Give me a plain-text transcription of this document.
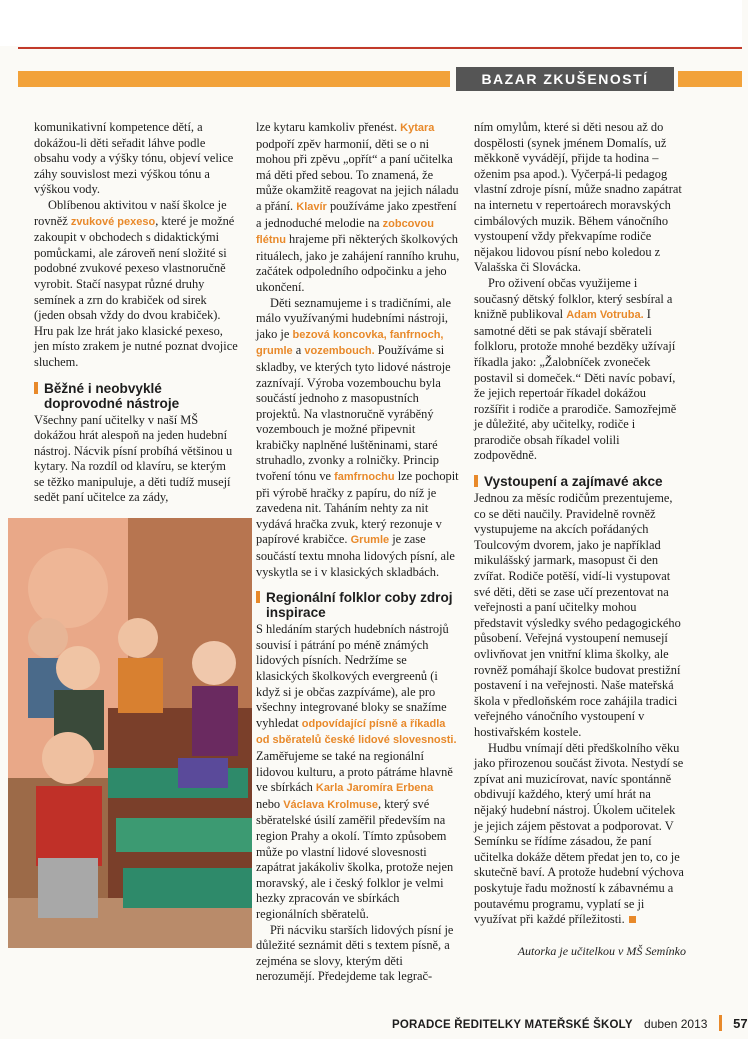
BAZAR ZKUŠENOSTÍ

komunikativní kompetence dětí, a dokážou-li děti seřadit láhve podle obsahu vody a výšky tónu, objeví velice záhy souvislost mezi výškou tónu a výškou vody.

Oblíbenou aktivitou v naší školce je rovněž zvukové pexeso, které je možné zakoupit v obchodech s didaktickými pomůckami, ale zároveň není složité si podobné zvukové pexeso vlastnoručně vyrobit. Stačí nasypat různé druhy semínek a zrn do krabiček od sirek (jeden obsah vždy do dvou krabiček). Hru pak lze hrát jako klasické pexeso, jen místo zrakem je nutné poznat dvojice sluchem.

Běžné i neobvyklé
doprovodné nástroje

Všechny paní učitelky v naší MŠ dokážou hrát alespoň na jeden hudební nástroj. Nácvik písní probíhá většinou u kytary. Na rozdíl od klavíru, se kterým se těžko manipuluje, a děti tudíž musejí sedět paní učitelce za zády,

lze kytaru kamkoliv přenést. Kytara podpoří zpěv harmonií, děti se o ni mohou při zpěvu „opřít“ a paní učitelka má děti před sebou. To znamená, že může okamžitě reagovat na jejich náladu a přání. Klavír používáme jako zpestření a jednoduché melodie na zobcovou flétnu hrajeme při některých školkových rituálech, jako je zahájení ranního kruhu, začátek odpoledního odpočinku a jeho ukončení.

Děti seznamujeme i s tradičními, ale málo využívanými hudebními nástroji, jako je bezová koncovka, fanfrnoch, grumle a vozembouch. Používáme si skladby, ve kterých tyto lidové nástroje zaznívají. Výroba vozembouchu byla součástí jednoho z masopustních projektů. Na vlastnoručně vyráběný vozembouch je možné připevnit krabičky naplněné luštěninami, staré struhadlo, zvonky a rolničky. Princip tvoření tónu ve famfrnochu lze pochopit při výrobě hračky z papíru, do níž je zavedena nit. Taháním nehty za nit vydává hračka zvuk, který rezonuje v papírové krabičce. Grumle je zase součástí textu mnoha lidových písní, ale vyskytla se i v klasických skladbách.

Regionální folklor coby zdroj
inspirace

S hledáním starých hudebních nástrojů souvisí i pátrání po méně známých lidových písních. Nedržíme se klasických školkových evergreenů (i když si je občas zazpíváme), ale pro všechny integrované bloky se snažíme vyhledat odpovídající písně a říkadla od sběratelů české lidové slovesnosti. Zaměřujeme se také na regionální lidovou kulturu, a proto pátráme hlavně ve sbírkách Karla Jaromíra Erbena nebo Václava Krolmuse, který své sběratelské úsilí zaměřil především na region Prahy a okolí. Tímto způsobem může po vlastní lidové slovesnosti zapátrat jakákoliv školka, protože nejen moravský, ale i český folklor je velmi hezky zpracován ve sbírkách regionálních sběratelů.

Při nácviku starších lidových písní je důležité seznámit děti s textem písně, a zejména se slovy, kterým děti nerozumějí. Předejdeme tak legrač-

ním omylům, které si děti nesou až do dospělosti (synek jménem Domalís, už měkkoně vyvádějí, přijde ta hodina – oženim psa apod.). Vyčerpá-li pedagog vlastní zdroje písní, může snadno zapátrat na internetu v repertoárech moravských cimbálových muzik. Během vánočního vystoupení vždy překvapíme rodiče nějakou lidovou písní nebo koledou z Valašska či Slovácka.

Pro oživení občas využijeme i současný dětský folklor, který sesbíral a knižně publikoval Adam Votruba. I samotné děti se pak stávají sběrateli folkloru, protože mnohé bezděky užívají říkadla jako: „Žalobníček zvoneček postavil si domeček.“ Děti navíc pobaví, že jejich repertoár říkadel dokážou rozšířit i rodiče a prarodiče. Samozřejmě je důležité, aby učitelky, rodiče i prarodiče obsah říkadel volili zodpovědně.

Vystoupení a zajímavé akce

Jednou za měsíc rodičům prezentujeme, co se děti naučily. Pravidelně rovněž vystupujeme na akcích pořádaných Toulcovým dvorem, jako je například mikulášský jarmark, masopust či den zvířat. Rodiče potěší, vidí-li vystupovat své děti, děti se zase učí prezentovat na veřejnosti a paní učitelky mohou představit výsledky svého pedagogického působení. Veřejná vystoupení nemusejí ovlivňovat jen vnitřní klima školky, ale rovněž pomáhají školce budovat prestižní postavení i na veřejnosti. Naše mateřská škola v předloňském roce zahájila tradici veřejného vánočního vystoupení v hostivařském kostele.

Hudbu vnímají děti předškolního věku jako přirozenou součást života. Nestydí se zpívat ani muzicírovat, navíc spontánně obdivují každého, který umí hrát na nějaký hudební nástroj. Úkolem učitelek je jejich zájem pěstovat a podporovat. V Semínku se řídíme zásadou, že paní učitelka dokáže dětem předat jen to, co je skutečně baví. A protože hudební výchova poskytuje řadu možností k zábavnému a poutavému programu, vyplatí se ji využívat při každé příležitosti.

Autorka je učitelkou v MŠ Semínko
PORADCE ŘEDITELKY MATEŘSKÉ ŠKOLY duben 2013 57
